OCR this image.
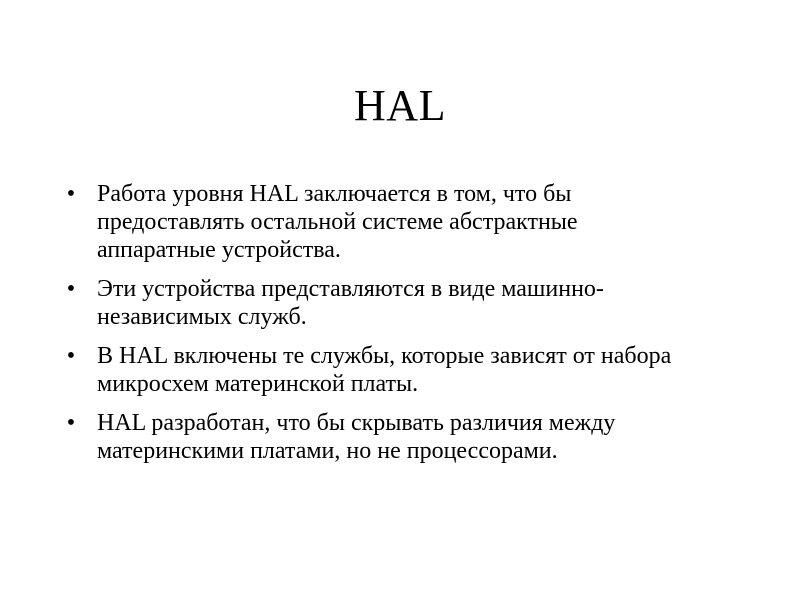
HAL
• Работа уровня HAL заключается в том, что бы предоставлять остальной системе абстрактные аппаратные устройства.
• Эти устройства представляются в виде машинно-независимых служб.
• В HAL включены те службы, которые зависят от набора микросхем материнской платы.
• HAL разработан, что бы скрывать различия между материнскими платами, но не процессорами.
